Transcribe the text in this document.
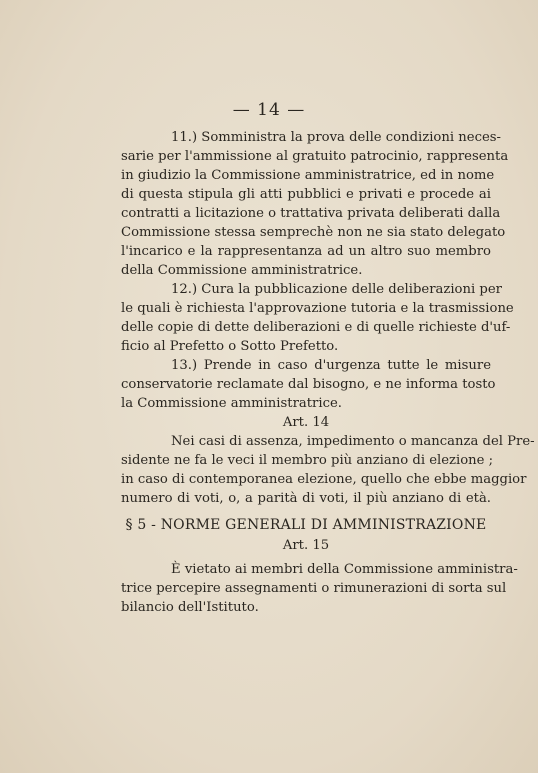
— 14 —
11.) Somministra la prova delle condizioni neces-
sarie per l'ammissione al gratuito patrocinio, rappresenta
in giudizio la Commissione amministratrice, ed in nome
di questa stipula gli atti pubblici e privati e procede ai
contratti a licitazione o trattativa privata deliberati dalla
Commissione stessa semprechè non ne sia stato delegato
l'incarico e la rappresentanza ad un altro suo membro
della Commissione amministratrice.
12.) Cura la pubblicazione delle deliberazioni per
le quali è richiesta l'approvazione tutoria e la trasmissione
delle copie di dette deliberazioni e di quelle richieste d'uf-
ficio al Prefetto o Sotto Prefetto.
13.) Prende in caso d'urgenza tutte le misure
conservatorie reclamate dal bisogno, e ne informa tosto
la Commissione amministratrice.
Art. 14
Nei casi di assenza, impedimento o mancanza del Pre-
sidente ne fa le veci il membro più anziano di elezione ;
in caso di contemporanea elezione, quello che ebbe maggior
numero di voti, o, a parità di voti, il più anziano di età.
§ 5 - NORME GENERALI DI AMMINISTRAZIONE
Art. 15
È vietato ai membri della Commissione amministra-
trice percepire assegnamenti o rimunerazioni di sorta sul
bilancio dell'Istituto.
